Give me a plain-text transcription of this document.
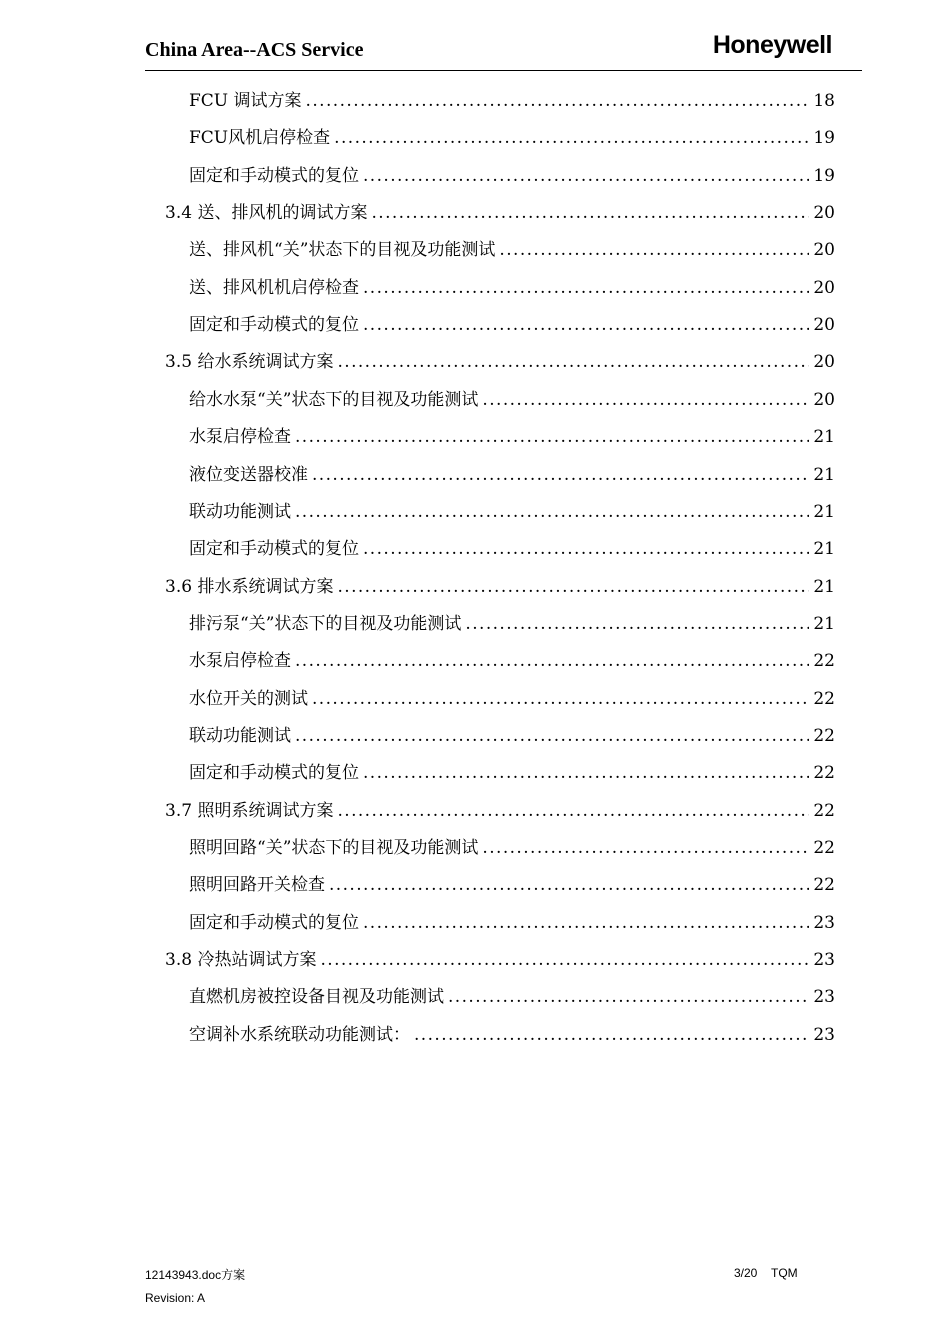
China Area--ACS Service	Honeywell
FCU 调试方案 . . .	18
FCU风机启停检查 . . .	19
固定和手动模式的复位 . . .	19
3.4 送、排风机的调试方案 . . .	20
送、排风机“关”状态下的目视及功能测试 . . .	20
送、排风机机启停检查 . . .	20
固定和手动模式的复位 . . .	20
3.5 给水系统调试方案 . . .	20
给水水泵“关”状态下的目视及功能测试 . . .	20
水泵启停检查 . . .	21
液位变送器校准 . . .	21
联动功能测试 . . .	21
固定和手动模式的复位 . . .	21
3.6 排水系统调试方案 . . .	21
排污泵“关”状态下的目视及功能测试 . . .	21
水泵启停检查 . . .	22
水位开关的测试 . . .	22
联动功能测试 . . .	22
固定和手动模式的复位 . . .	22
3.7 照明系统调试方案 . . .	22
照明回路“关”状态下的目视及功能测试 . . .	22
照明回路开关检查 . . .	22
固定和手动模式的复位 . . .	23
3.8 冷热站调试方案 . . .	23
直燃机房被控设备目视及功能测试 . . .	23
空调补水系统联动功能测试： . . .	23
12143943.doc方案
Revision: A
3/20 TQM
